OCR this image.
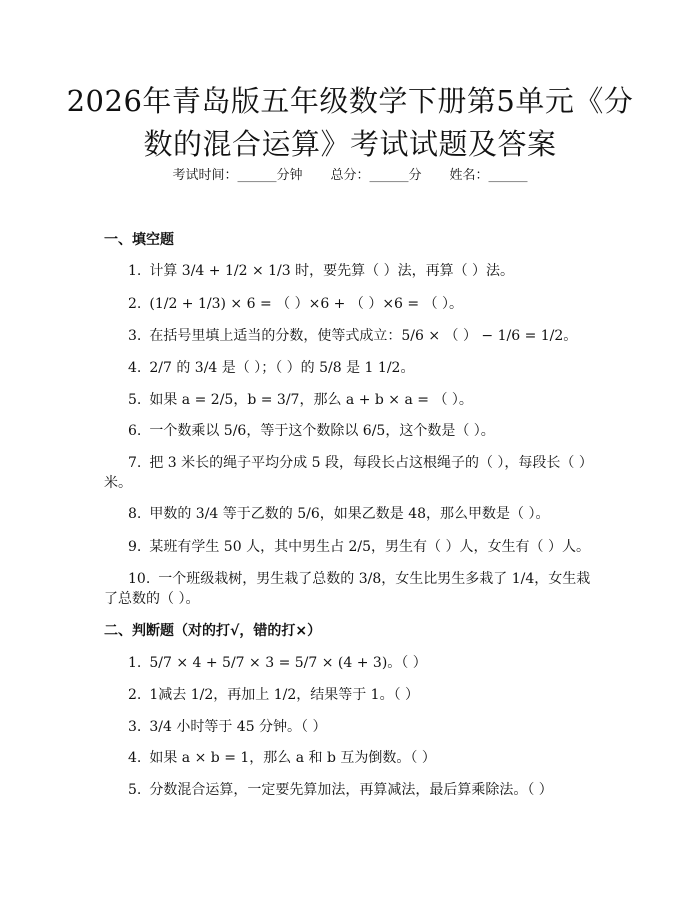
2026年青岛版五年级数学下册第5单元《分数的混合运算》考试试题及答案
考试时间：______分钟 总分：______分 姓名：______
一、填空题
1. 计算 3/4 + 1/2 × 1/3 时，要先算（ ）法，再算（ ）法。
2. (1/2 + 1/3) × 6 = （ ）×6 + （ ）×6 = （ ）。
3. 在括号里填上适当的分数，使等式成立：5/6 × （ ） − 1/6 = 1/2。
4. 2/7 的 3/4 是（ ）；（ ）的 5/8 是 1 1/2。
5. 如果 a = 2/5，b = 3/7，那么 a + b × a = （ ）。
6. 一个数乘以 5/6，等于这个数除以 6/5，这个数是（ ）。
7. 把 3 米长的绳子平均分成 5 段，每段长占这根绳子的（ ），每段长（ ）米。
8. 甲数的 3/4 等于乙数的 5/6，如果乙数是 48，那么甲数是（ ）。
9. 某班有学生 50 人，其中男生占 2/5，男生有（ ）人，女生有（ ）人。
10. 一个班级栽树，男生栽了总数的 3/8，女生比男生多栽了 1/4，女生栽了总数的（ ）。
二、判断题（对的打√，错的打×）
1. 5/7 × 4 + 5/7 × 3 = 5/7 × (4 + 3)。（ ）
2. 1减去 1/2，再加上 1/2，结果等于 1。（ ）
3. 3/4 小时等于 45 分钟。（ ）
4. 如果 a × b = 1，那么 a 和 b 互为倒数。（ ）
5. 分数混合运算，一定要先算加法，再算减法，最后算乘除法。（ ）
